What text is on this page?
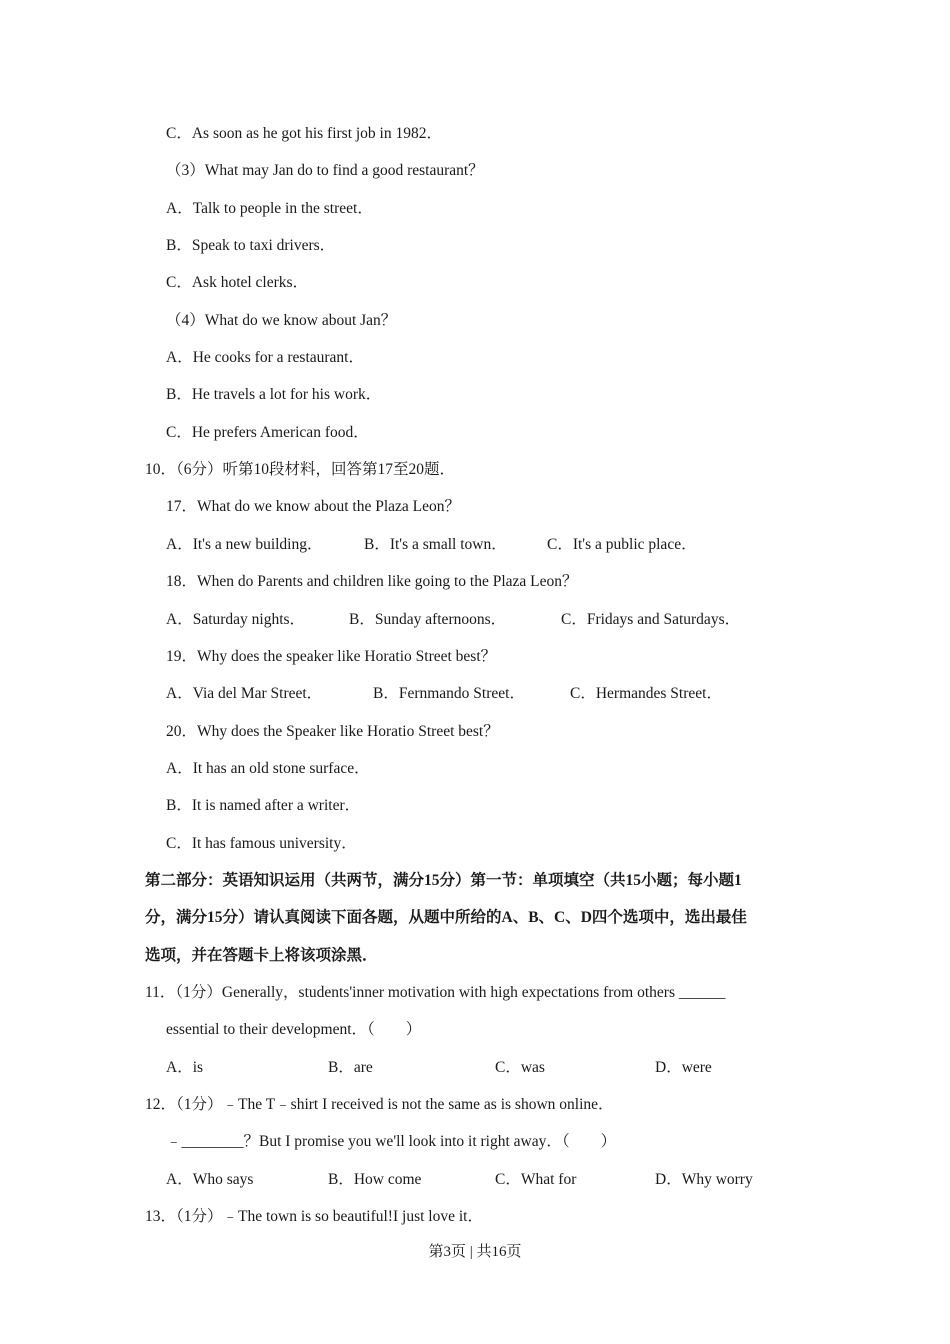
C．As soon as he got his first job in 1982．
（3）What may Jan do to find a good restaurant？
A．Talk to people in the street．
B．Speak to taxi drivers．
C．Ask hotel clerks．
（4）What do we know about Jan？
A．He cooks for a restaurant．
B．He travels a lot for his work．
C．He prefers American food．
10．（6分）听第10段材料，回答第17至20题．
17．What do we know about the Plaza Leon？
A．It's a new building．	B．It's a small town．	C．It's a public place．
18．When do Parents and children like going to the Plaza Leon？
A．Saturday nights．	B．Sunday afternoons．	C．Fridays and Saturdays．
19．Why does the speaker like Horatio Street best？
A．Via del Mar Street．	B．Fernmando Street．	C．Hermandes Street．
20．Why does the Speaker like Horatio Street best？
A．It has an old stone surface．
B．It is named after a writer．
C．It has famous university．
第二部分：英语知识运用（共两节，满分15分）第一节：单项填空（共15小题；每小题1
分，满分15分）请认真阅读下面各题，从题中所给的A、B、C、D四个选项中，选出最佳
选项，并在答题卡上将该项涂黑．
11．（1分）Generally，students'inner motivation with high expectations from others ______
essential to their development．（　　）
A．is	B．are	C．was	D．were
12．（1分）﹣The T﹣shirt I received is not the same as is shown online．
﹣________？But I promise you we'll look into it right away．（　　）
A．Who says	B．How come	C．What for	D．Why worry
13．（1分）﹣The town is so beautiful!I just love it．
第3页 | 共16页
